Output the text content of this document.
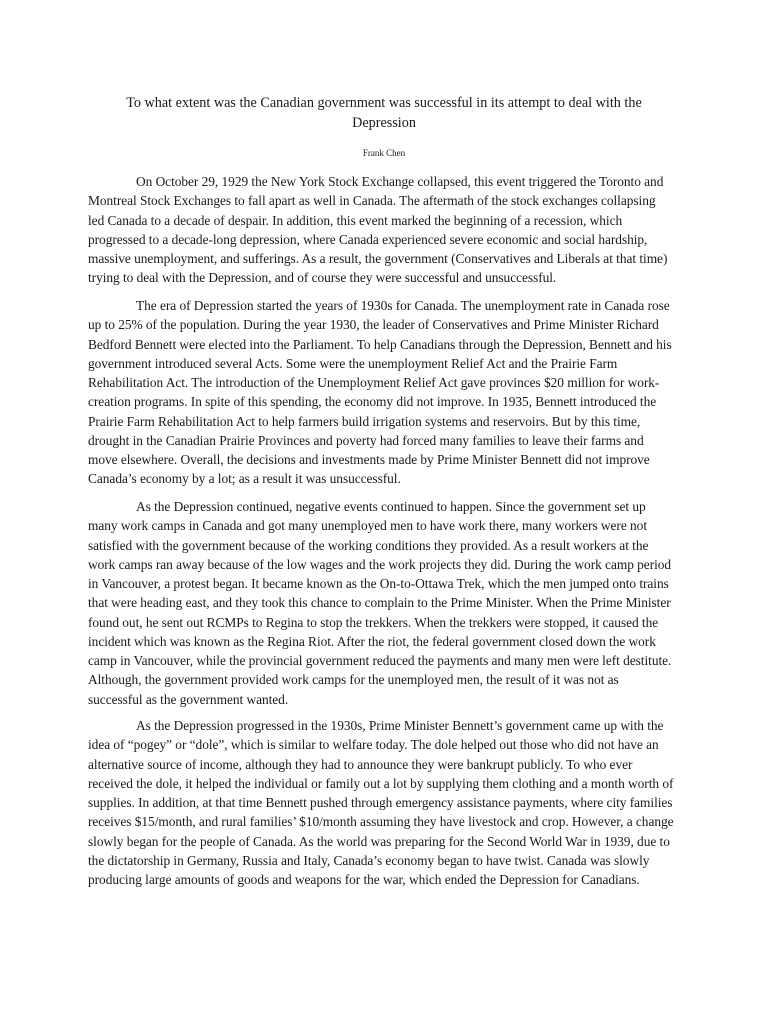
To what extent was the Canadian government was successful in its attempt to deal with the Depression
Frank Chen

On October 29, 1929 the New York Stock Exchange collapsed, this event triggered the Toronto and Montreal Stock Exchanges to fall apart as well in Canada. The aftermath of the stock exchanges collapsing led Canada to a decade of despair. In addition, this event marked the beginning of a recession, which progressed to a decade-long depression, where Canada experienced severe economic and social hardship, massive unemployment, and sufferings. As a result, the government (Conservatives and Liberals at that time) trying to deal with the Depression, and of course they were successful and unsuccessful.

The era of Depression started the years of 1930s for Canada. The unemployment rate in Canada rose up to 25% of the population. During the year 1930, the leader of Conservatives and Prime Minister Richard Bedford Bennett were elected into the Parliament. To help Canadians through the Depression, Bennett and his government introduced several Acts. Some were the unemployment Relief Act and the Prairie Farm Rehabilitation Act. The introduction of the Unemployment Relief Act gave provinces $20 million for work-creation programs. In spite of this spending, the economy did not improve. In 1935, Bennett introduced the Prairie Farm Rehabilitation Act to help farmers build irrigation systems and reservoirs. But by this time, drought in the Canadian Prairie Provinces and poverty had forced many families to leave their farms and move elsewhere. Overall, the decisions and investments made by Prime Minister Bennett did not improve Canada’s economy by a lot; as a result it was unsuccessful.

As the Depression continued, negative events continued to happen. Since the government set up many work camps in Canada and got many unemployed men to have work there, many workers were not satisfied with the government because of the working conditions they provided. As a result workers at the work camps ran away because of the low wages and the work projects they did. During the work camp period in Vancouver, a protest began. It became known as the On-to-Ottawa Trek, which the men jumped onto trains that were heading east, and they took this chance to complain to the Prime Minister. When the Prime Minister found out, he sent out RCMPs to Regina to stop the trekkers. When the trekkers were stopped, it caused the incident which was known as the Regina Riot. After the riot, the federal government closed down the work camp in Vancouver, while the provincial government reduced the payments and many men were left destitute. Although, the government provided work camps for the unemployed men, the result of it was not as successful as the government wanted.

As the Depression progressed in the 1930s, Prime Minister Bennett’s government came up with the idea of “pogey” or “dole”, which is similar to welfare today. The dole helped out those who did not have an alternative source of income, although they had to announce they were bankrupt publicly. To who ever received the dole, it helped the individual or family out a lot by supplying them clothing and a month worth of supplies. In addition, at that time Bennett pushed through emergency assistance payments, where city families receives $15/month, and rural families’ $10/month assuming they have livestock and crop. However, a change slowly began for the people of Canada. As the world was preparing for the Second World War in 1939, due to the dictatorship in Germany, Russia and Italy, Canada’s economy began to have twist. Canada was slowly producing large amounts of goods and weapons for the war, which ended the Depression for Canadians.
